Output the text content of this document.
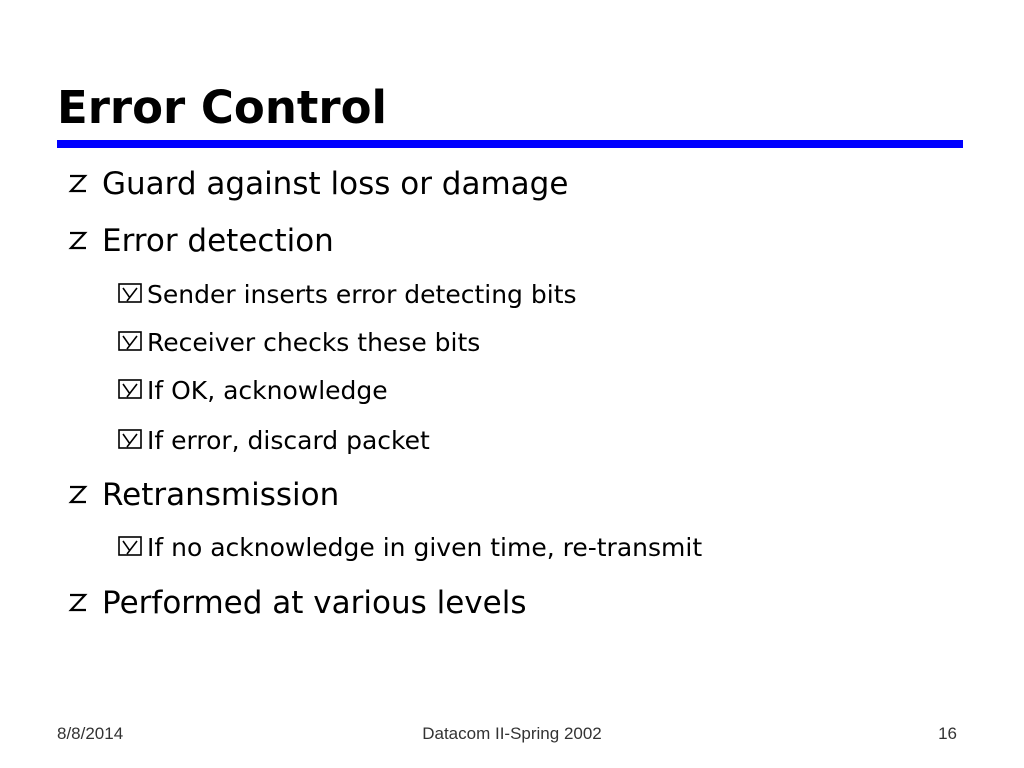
Error Control
Guard against loss or damage
Error detection
Sender inserts error detecting bits
Receiver checks these bits
If OK, acknowledge
If error, discard packet
Retransmission
If no acknowledge in given time, re-transmit
Performed at various levels
8/8/2014	Datacom II-Spring 2002	16
